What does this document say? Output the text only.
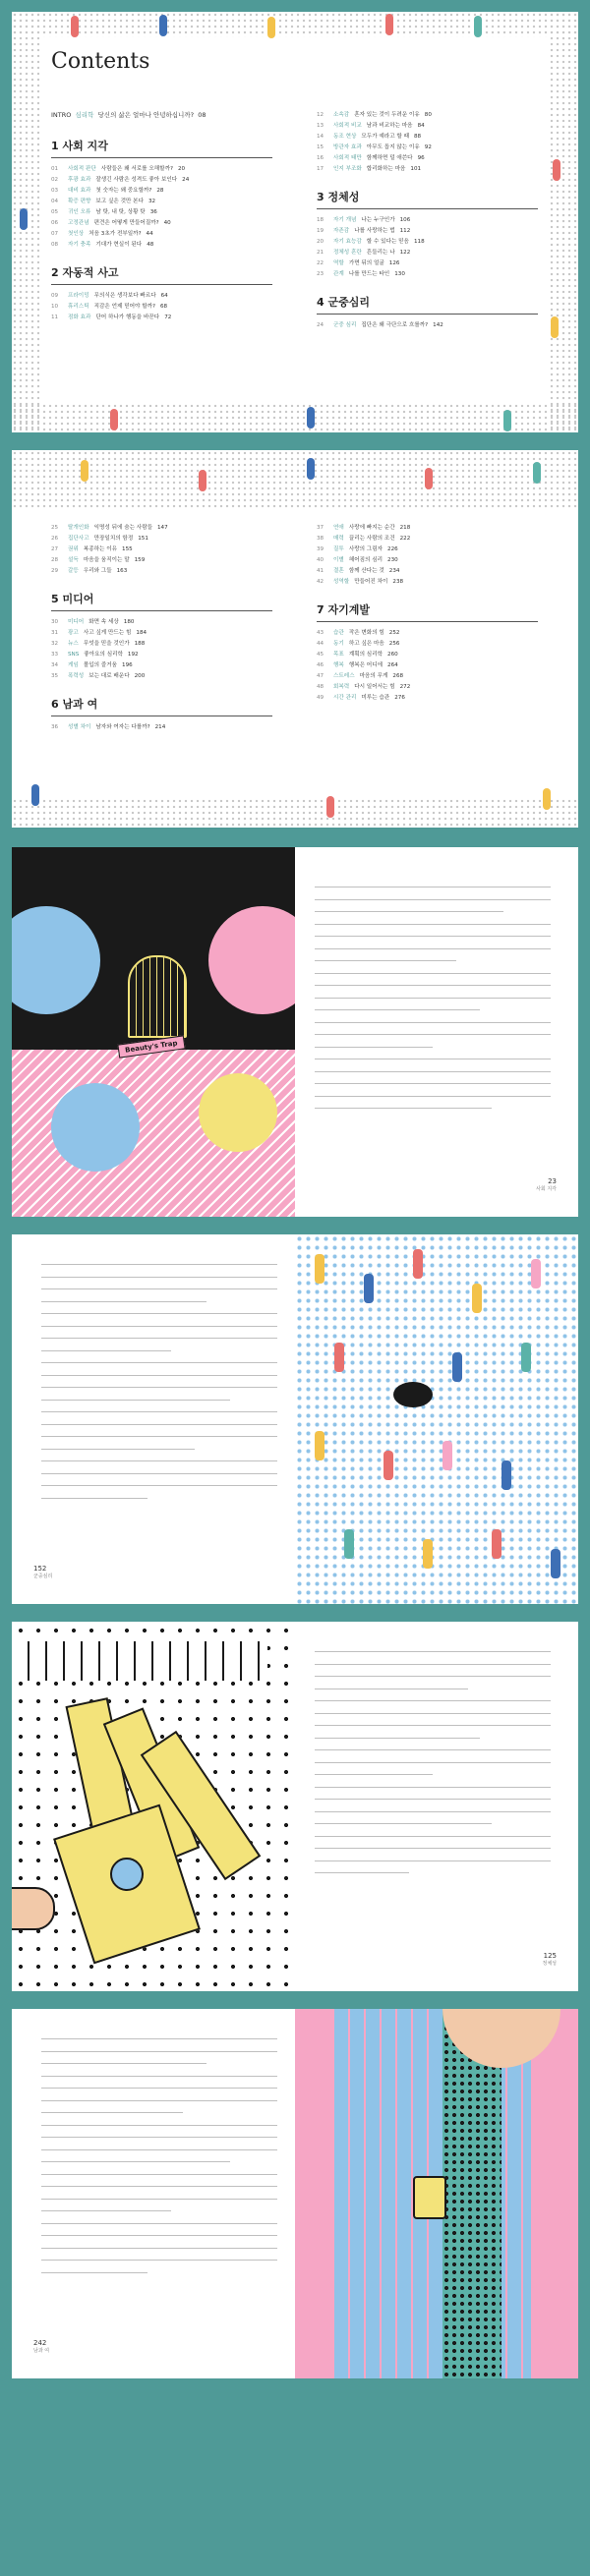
Contents
INTRO 심리학 당신의 삶은 얼마나 안녕하십니까? 08
1 사회 지각
01	사회적 판단 사람들은 왜 서로를 오해할까? 20
02	후광 효과 잘생긴 사람은 성격도 좋아 보인다 24
03	대비 효과 첫 숫자는 왜 중요할까? 28
04	확증 편향 보고 싶은 것만 본다 32
05	귀인 오류 남 탓, 내 탓, 상황 탓 36
06	고정관념 편견은 어떻게 만들어질까? 40
07	첫인상 처음 3초가 전부일까? 44
08	자기 충족 기대가 현실이 된다 48
2 자동적 사고
09	프라이밍 무의식은 생각보다 빠르다 64
10	휴리스틱 직감은 언제 믿어야 할까? 68
11	점화 효과 단어 하나가 행동을 바꾼다 72
12	소속감 혼자 있는 것이 두려운 이유 80
13	사회적 비교 남과 비교하는 마음 84
14	동조 현상 모두가 예라고 할 때 88
15	방관자 효과 아무도 돕지 않는 이유 92
16	사회적 태만 함께하면 덜 애쓴다 96
17	인지 부조화 합리화하는 마음 101
3 정체성
18	자기 개념 나는 누구인가 106
19	자존감 나를 사랑하는 법 112
20	자기 효능감 할 수 있다는 믿음 118
21	정체성 혼란 흔들리는 나 122
22	역할 가면 뒤의 얼굴 126
23	관계 나를 만드는 타인 130
4 군중심리
24	군중 심리 집단은 왜 극단으로 흐를까? 142
25	탈개인화 익명성 뒤에 숨는 사람들 147
26	집단사고 만장일치의 함정 151
27	권위 복종하는 이유 155
28	설득 마음을 움직이는 말 159
29	갈등 우리와 그들 163
5 미디어
30	미디어 화면 속 세상 180
31	광고 사고 싶게 만드는 힘 184
32	뉴스 무엇을 믿을 것인가 188
33	SNS 좋아요의 심리학 192
34	게임 몰입의 즐거움 196
35	폭력성 보는 대로 배운다 200
6 남과 여
36	성별 차이 남자와 여자는 다를까? 214
37	연애 사랑에 빠지는 순간 218
38	매력 끌리는 사람의 조건 222
39	질투 사랑의 그림자 226
40	이별 헤어짐의 심리 230
41	결혼 함께 산다는 것 234
42	성역할 만들어진 차이 238
7 자기계발
43	습관 작은 변화의 힘 252
44	동기 하고 싶은 마음 256
45	목표 계획의 심리학 260
46	행복 행복은 어디에 264
47	스트레스 마음의 무게 268
48	회복력 다시 일어서는 힘 272
49	시간 관리 미루는 습관 276
Beauty's Trap
23
사회 지각
152
군중심리
125
정체성
242
남과 여
